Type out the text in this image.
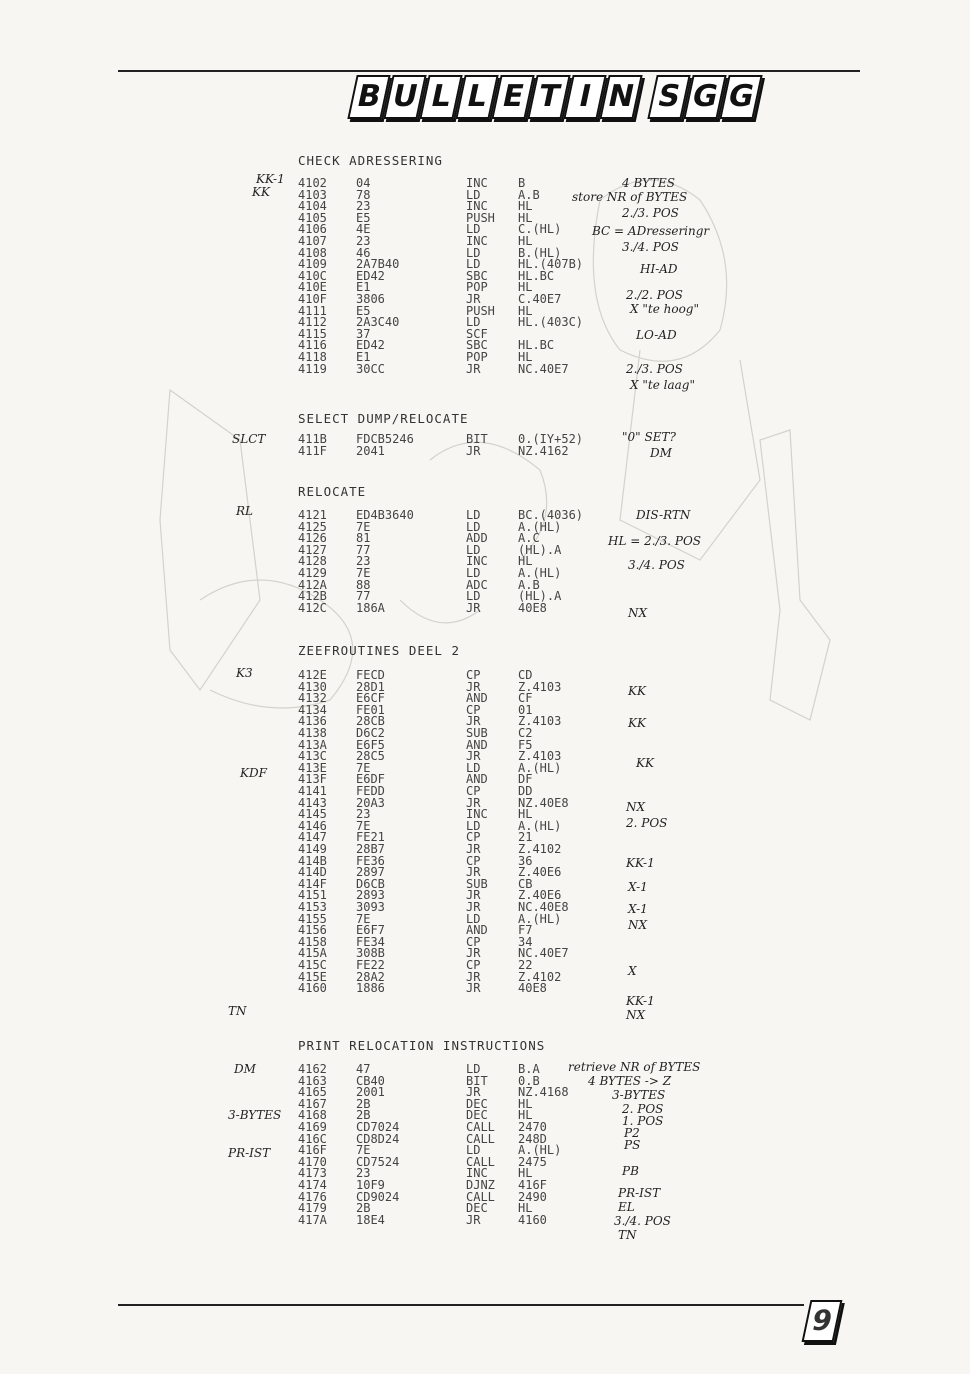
B U L L E T I N S G G
CHECK ADRESSERING
4102 04	INC	B
4103 78	LD	A.B
4104 23	INC	HL
4105 E5	PUSH HL
4106 4E	LD	C.(HL)
4107 23	INC	HL
4108 46	LD	B.(HL)
4109 2A7B40	LD	HL.(407B)
410C ED42	SBC	HL.BC
410E E1	POP	HL
410F 3806	JR	C.40E7
4111 E5	PUSH HL
4112 2A3C40	LD	HL.(403C)
4115 37	SCF
4116 ED42	SBC	HL.BC
4118 E1	POP	HL
4119 30CC	JR	NC.40E7
SELECT DUMP/RELOCATE
411B FDCB5246	BIT	0.(IY+52)
411F 2041	JR	NZ.4162
RELOCATE
4121 ED4B3640	LD	BC.(4036)
4125 7E	LD	A.(HL)
4126 81	ADD	A.C
4127 77	LD	(HL).A
4128 23	INC	HL
4129 7E	LD	A.(HL)
412A 88	ADC	A.B
412B 77	LD	(HL).A
412C 186A	JR	40E8
ZEEFROUTINES DEEL 2
412E FECD	CP	CD
4130 28D1	JR	Z.4103
4132 E6CF	AND	CF
4134 FE01	CP	01
4136 28CB	JR	Z.4103
4138 D6C2	SUB	C2
413A E6F5	AND	F5
413C 28C5	JR	Z.4103
413E 7E	LD	A.(HL)
413F E6DF	AND	DF
4141 FEDD	CP	DD
4143 20A3	JR	NZ.40E8
4145 23	INC	HL
4146 7E	LD	A.(HL)
4147 FE21	CP	21
4149 28B7	JR	Z.4102
414B FE36	CP	36
414D 2897	JR	Z.40E6
414F D6CB	SUB	CB
4151 2893	JR	Z.40E6
4153 3093	JR	NC.40E8
4155 7E	LD	A.(HL)
4156 E6F7	AND	F7
4158 FE34	CP	34
415A 308B	JR	NC.40E7
415C FE22	CP	22
415E 28A2	JR	Z.4102
4160 1886	JR	40E8
PRINT RELOCATION INSTRUCTIONS
4162 47	LD	B.A
4163 CB40	BIT	0.B
4165 2001	JR	NZ.4168
4167 2B	DEC	HL
4168 2B	DEC	HL
4169 CD7024	CALL 2470
416C CD8D24	CALL 248D
416F 7E	LD	A.(HL)
4170 CD7524	CALL 2475
4173 23	INC	HL
4174 10F9	DJNZ 416F
4176 CD9024	CALL 2490
4179 2B	DEC	HL
417A 18E4	JR	4160
KK-1
KK
SLCT
RL
K3
KDF
TN
DM
3-BYTES
PR-IST
4 BYTES
store NR of BYTES
2./3. POS
BC = ADresseringr
3./4. POS
HI-AD
2./2. POS
X "te hoog"
LO-AD
2./3. POS
X "te laag"
"0" SET?
DM
DIS-RTN
HL = 2./3. POS
3./4. POS
NX
KK
KK
KK
NX
2. POS
KK-1
X-1
X-1
NX
X
KK-1
NX
retrieve NR of BYTES
4 BYTES -> Z
3-BYTES
2. POS
1. POS
P2
PS
PB
PR-IST
EL
3./4. POS
TN
9
